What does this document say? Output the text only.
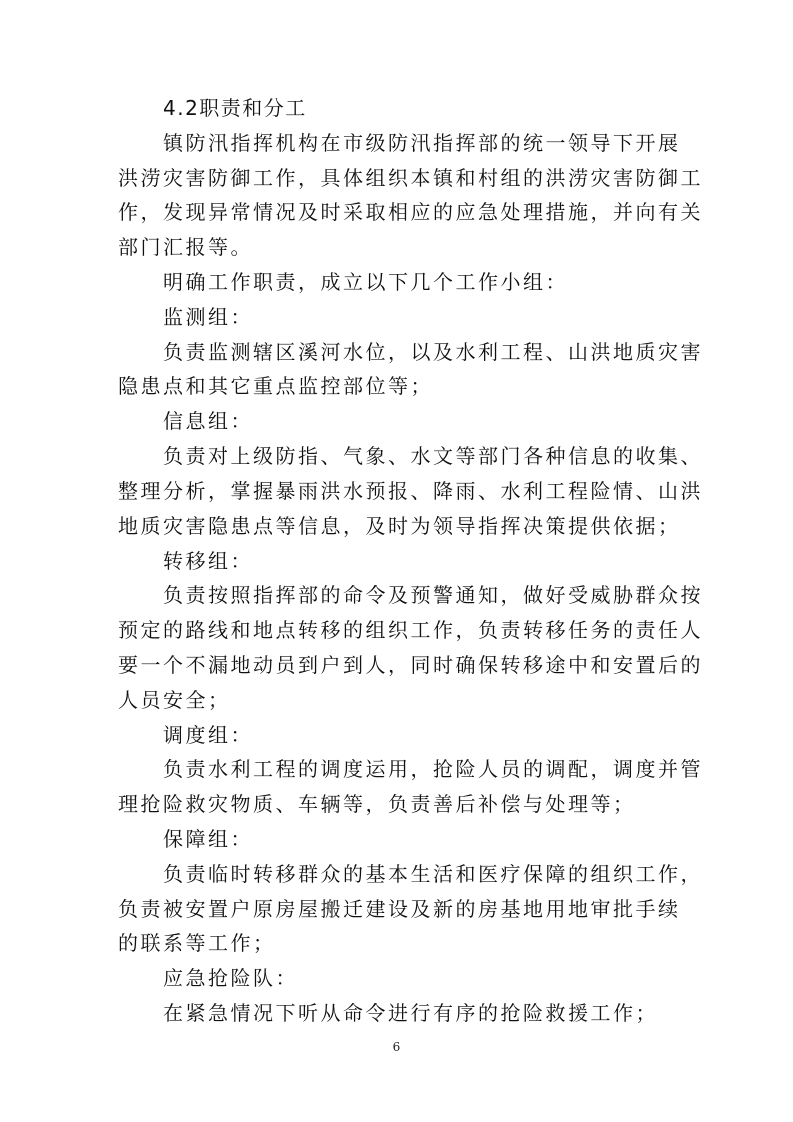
4.2职责和分工
镇防汛指挥机构在市级防汛指挥部的统一领导下开展
洪涝灾害防御工作，具体组织本镇和村组的洪涝灾害防御工
作，发现异常情况及时采取相应的应急处理措施，并向有关
部门汇报等。
明确工作职责，成立以下几个工作小组：
监测组：
负责监测辖区溪河水位，以及水利工程、山洪地质灾害
隐患点和其它重点监控部位等；
信息组：
负责对上级防指、气象、水文等部门各种信息的收集、
整理分析，掌握暴雨洪水预报、降雨、水利工程险情、山洪
地质灾害隐患点等信息，及时为领导指挥决策提供依据；
转移组：
负责按照指挥部的命令及预警通知，做好受威胁群众按
预定的路线和地点转移的组织工作，负责转移任务的责任人
要一个不漏地动员到户到人，同时确保转移途中和安置后的
人员安全；
调度组：
负责水利工程的调度运用，抢险人员的调配，调度并管
理抢险救灾物质、车辆等，负责善后补偿与处理等；
保障组：
负责临时转移群众的基本生活和医疗保障的组织工作，
负责被安置户原房屋搬迁建设及新的房基地用地审批手续
的联系等工作；
应急抢险队：
在紧急情况下听从命令进行有序的抢险救援工作；
6
